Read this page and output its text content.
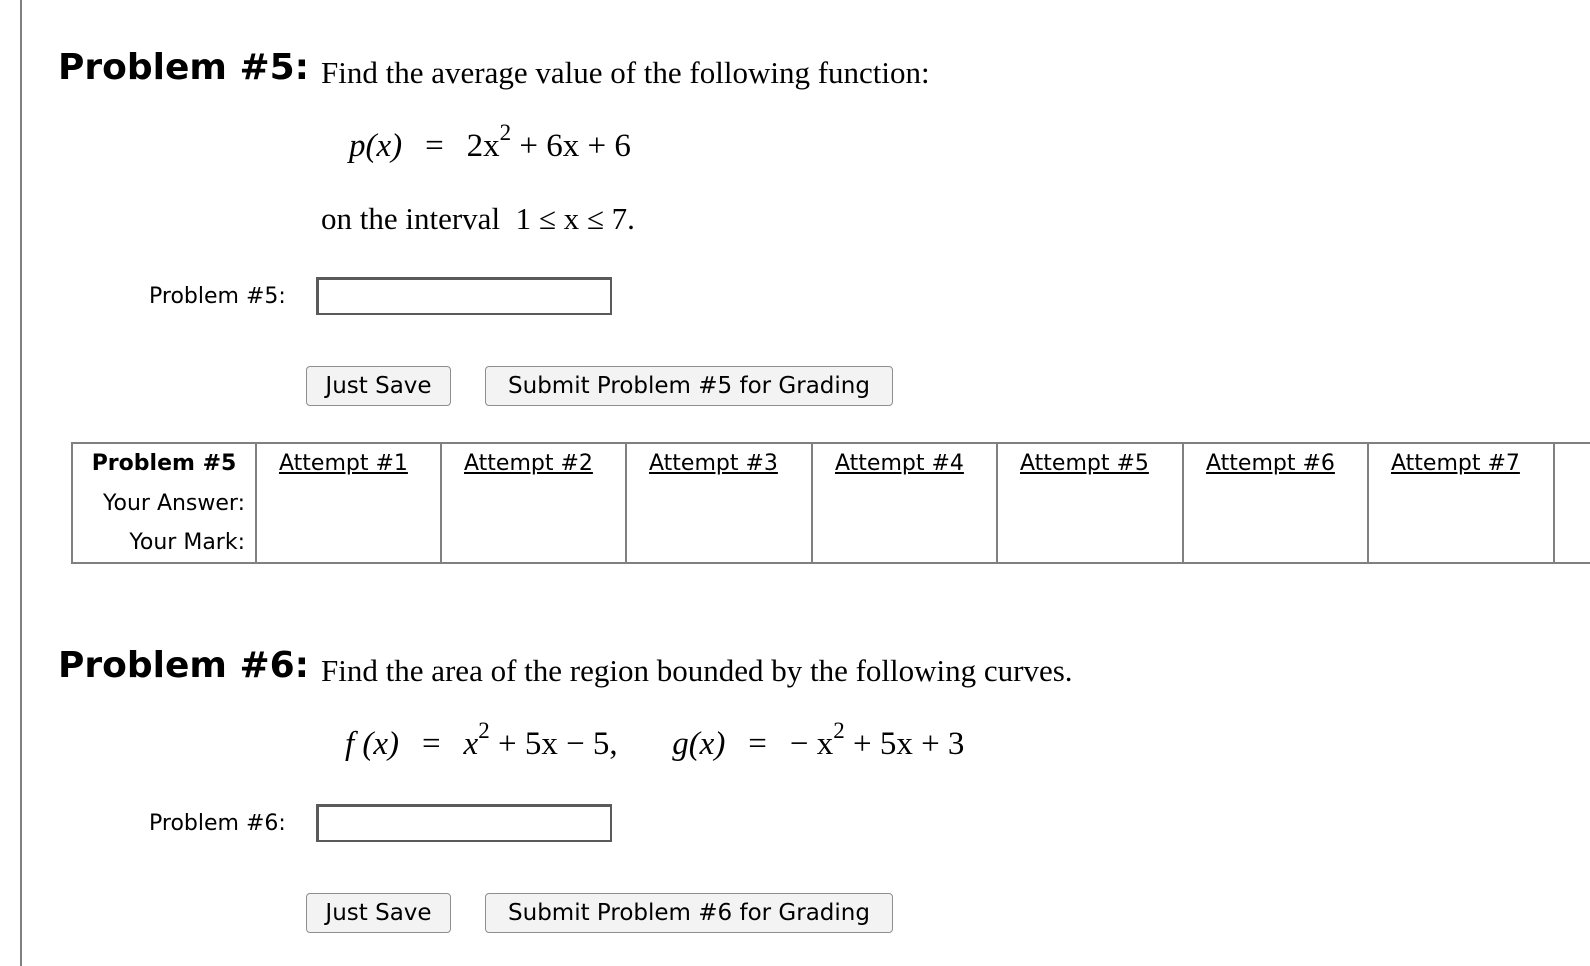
Problem #5: Find the average value of the following function:
$p(x) = 2x^2 + 6x + 6$
on the interval 1 ≤ x ≤ 7.
Problem #5:
Just Save	Submit Problem #5 for Grading
Problem #5	Attempt #1	Attempt #2	Attempt #3	Attempt #4	Attempt #5	Attempt #6	Attempt #7	
Your Answer:								
Your Mark:								
Problem #6: Find the area of the region bounded by the following curves.
f $(x) = x^2 + 5x - 5$, g(x) = − $x^2 + 5x + 3$
Problem #6:
Just Save	Submit Problem #6 for Grading
